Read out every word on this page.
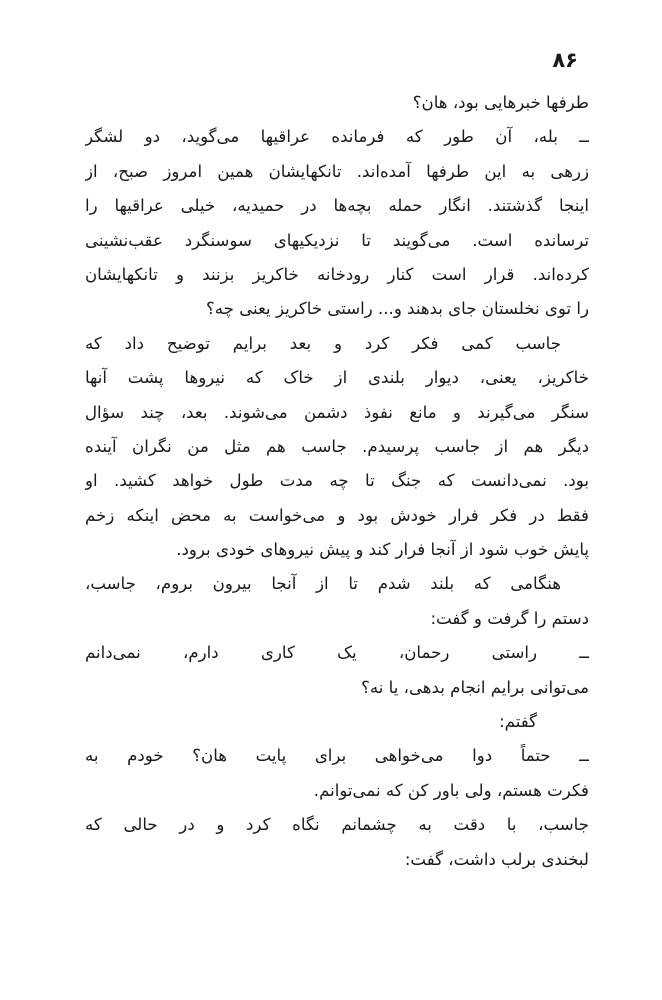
۸۶
طرفها خبرهایی بود، هان؟
ــ بله، آن طور که فرمانده عراقیها می‌گوید، دو لشگر
زرهی به این طرفها آمده‌اند. تانکهایشان همین امروز صبح، از
اینجا گذشتند. انگار حمله بچه‌ها در حمیدیه، خیلی عراقیها را
ترسانده است. می‌گویند تا نزدیکیهای سوسنگرد عقب‌نشینی
کرده‌اند. قرار است کنار رودخانه خاکریز بزنند و تانکهایشان
را توی نخلستان جای بدهند و... راستی خاکریز یعنی چه؟
جاسب کمی فکر کرد و بعد برایم توضیح داد که
خاکریز، یعنی، دیوار بلندی از خاک که نیروها پشت آنها
سنگر می‌گیرند و مانع نفوذ دشمن می‌شوند. بعد، چند سؤال
دیگر هم از جاسب پرسیدم. جاسب هم مثل من نگران آینده
بود. نمی‌دانست که جنگ تا چه مدت طول خواهد کشید. او
فقط در فکر فرار خودش بود و می‌خواست به محض اینکه زخم
پایش خوب شود از آنجا فرار کند و پیش نیروهای خودی برود.
هنگامی که بلند شدم تا از آنجا بیرون بروم، جاسب،
دستم را گرفت و گفت:
ــ راستی رحمان، یک کاری دارم، نمی‌دانم
می‌توانی برایم انجام بدهی، یا نه؟
گفتم:
ــ حتماً دوا می‌خواهی برای پایت هان؟ خودم به
فکرت هستم، ولی باور کن که نمی‌توانم.
جاسب، با دقت به چشمانم نگاه کرد و در حالی که
لبخندی برلب داشت، گفت:
